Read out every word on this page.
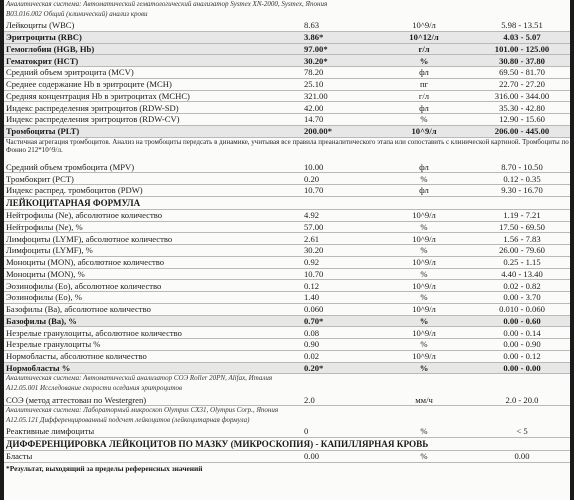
Аналитическая система: Автоматический гематологический анализатор Sysmex XN-2000, Sysmex, Япония
B03.016.002 Общий (клинический) анализ крови
Лейкоциты (WBC)	8.63	10^9/л	5.98 - 13.51
Эритроциты (RBC)	3.86*	10^12/л	4.03 - 5.07
Гемоглобин (HGB, Hb)	97.00*	г/л	101.00 - 125.00
Гематокрит (HCT)	30.20*	%	30.80 - 37.80
Средний объем эритроцита (MCV)	78.20	фл	69.50 - 81.70
Среднее содержание Hb в эритроците (MCH)	25.10	пг	22.70 - 27.20
Средняя концентрация Hb в эритроцитах (MCHC)	321.00	г/л	316.00 - 344.00
Индекс распределения эритроцитов (RDW-SD)	42.00	фл	35.30 - 42.80
Индекс распределения эритроцитов (RDW-CV)	14.70	%	12.90 - 15.60
Тромбоциты (PLT)	200.00*	10^9/л	206.00 - 445.00
Частичная агрегация тромбоцитов. Анализ на тромбоциты передсать в динамике, учитывая все правила преаналитического этапа или сопоставить с клинической картиной. Тромбоциты по Фонио 212*10^9/л.
Средний объем тромбоцита (MPV)	10.00	фл	8.70 - 10.50
Тромбокрит (PCT)	0.20	%	0.12 - 0.35
Индекс распред. тромбоцитов (PDW)	10.70	фл	9.30 - 16.70
ЛЕЙКОЦИТАРНАЯ ФОРМУЛА
Нейтрофилы (Ne), абсолютное количество	4.92	10^9/л	1.19 - 7.21
Нейтрофилы (Ne), %	57.00	%	17.50 - 69.50
Лимфоциты (LYMF), абсолютное количество	2.61	10^9/л	1.56 - 7.83
Лимфоциты (LYMF), %	30.20	%	26.00 - 79.60
Моноциты (MON), абсолютное количество	0.92	10^9/л	0.25 - 1.15
Моноциты (MON), %	10.70	%	4.40 - 13.40
Эозинофилы (Eo), абсолютное количество	0.12	10^9/л	0.02 - 0.82
Эозинофилы (Eo), %	1.40	%	0.00 - 3.70
Базофилы (Ba), абсолютное количество	0.060	10^9/л	0.010 - 0.060
Базофилы (Ba), %	0.70*	%	0.00 - 0.60
Незрелые гранулоциты, абсолютное количество	0.08	10^9/л	0.00 - 0.14
Незрелые гранулоциты %	0.90	%	0.00 - 0.90
Нормобласты, абсолютное количество	0.02	10^9/л	0.00 - 0.12
Нормобласты %	0.20*	%	0.00 - 0.00
Аналитическая система: Автоматический анализатор СОЭ Roller 20PN, Alifax, Италия
A12.05.001 Исследование скорости оседания эритроцитов
СОЭ (метод аттестован по Westergren)	2.0	мм/ч	2.0 - 20.0
Аналитическая система: Лабораторный микроскоп Olympus CX31, Olympus Corp., Япония
A12.05.121 Дифференцированный подсчет лейкоцитов (лейкоцитарная формула)
Реактивные лимфоциты	0	%	< 5
ДИФФЕРЕНЦИРОВКА ЛЕЙКОЦИТОВ ПО МАЗКУ (МИКРОСКОПИЯ) - КАПИЛЛЯРНАЯ КРОВЬ
Бласты	0.00	%	0.00
*Результат, выходящий за пределы референсных значений
